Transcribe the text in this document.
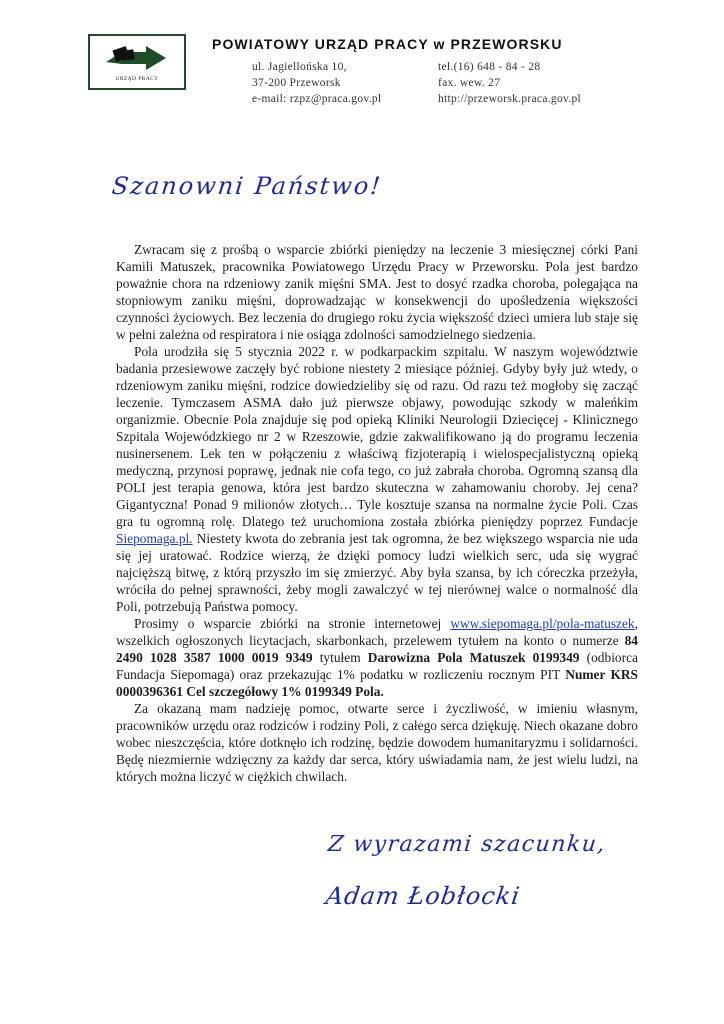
URZĄD PRACY
POWIATOWY URZĄD PRACY w PRZEWORSKU
ul. Jagiellońska 10,
37-200 Przeworsk
e-mail: rzpz@praca.gov.pl
tel.(16) 648 - 84 - 28
fax. wew. 27
http://przeworsk.praca.gov.pl
Szanowni Państwo!

Zwracam się z prośbą o wsparcie zbiórki pieniędzy na leczenie 3 miesięcznej córki Pani Kamili Matuszek, pracownika Powiatowego Urzędu Pracy w Przeworsku. Pola jest bardzo poważnie chora na rdzeniowy zanik mięśni SMA. Jest to dosyć rzadka choroba, polegająca na stopniowym zaniku mięśni, doprowadzając w konsekwencji do upośledzenia większości czynności życiowych. Bez leczenia do drugiego roku życia większość dzieci umiera lub staje się w pełni zależna od respiratora i nie osiąga zdolności samodzielnego siedzenia.

Pola urodziła się 5 stycznia 2022 r. w podkarpackim szpitalu. W naszym województwie badania przesiewowe zaczęły być robione niestety 2 miesiące później. Gdyby były już wtedy, o rdzeniowym zaniku mięśni, rodzice dowiedzieliby się od razu. Od razu też mogłoby się zacząć leczenie. Tymczasem ASMA dało już pierwsze objawy, powodując szkody w maleńkim organizmie. Obecnie Pola znajduje się pod opieką Kliniki Neurologii Dziecięcej - Klinicznego Szpitala Wojewódzkiego nr 2 w Rzeszowie, gdzie zakwalifikowano ją do programu leczenia nusinersenem. Lek ten w połączeniu z właściwą fizjoterapią i wielospecjalistyczną opieką medyczną, przynosi poprawę, jednak nie cofa tego, co już zabrała choroba. Ogromną szansą dla POLI jest terapia genowa, która jest bardzo skuteczna w zahamowaniu choroby. Jej cena? Gigantyczna! Ponad 9 milionów złotych… Tyle kosztuje szansa na normalne życie Poli. Czas gra tu ogromną rolę. Dlatego też uruchomiona została zbiórka pieniędzy poprzez Fundacje Siepomaga.pl. Niestety kwota do zebrania jest tak ogromna, że bez większego wsparcia nie uda się jej uratować. Rodzice wierzą, że dzięki pomocy ludzi wielkich serc, uda się wygrać najcięższą bitwę, z którą przyszło im się zmierzyć. Aby była szansa, by ich córeczka przeżyła, wróciła do pełnej sprawności, żeby mogli zawalczyć w tej nierównej walce o normalność dla Poli, potrzebują Państwa pomocy.

Prosimy o wsparcie zbiórki na stronie internetowej www.siepomaga.pl/pola-matuszek, wszelkich ogłoszonych licytacjach, skarbonkach, przelewem tytułem na konto o numerze 84 2490 1028 3587 1000 0019 9349 tytułem Darowizna Pola Matuszek 0199349 (odbiorca Fundacja Siepomaga) oraz przekazując 1% podatku w rozliczeniu rocznym PIT Numer KRS 0000396361 Cel szczegółowy 1% 0199349 Pola.

Za okazaną mam nadzieję pomoc, otwarte serce i życzliwość, w imieniu własnym, pracowników urzędu oraz rodziców i rodziny Poli, z całego serca dziękuję. Niech okazane dobro wobec nieszczęścia, które dotknęło ich rodzinę, będzie dowodem humanitaryzmu i solidarności. Będę niezmiernie wdzięczny za każdy dar serca, który uświadamia nam, że jest wielu ludzi, na których można liczyć w ciężkich chwilach.

Z wyrazami szacunku,
Adam Łobłocki
